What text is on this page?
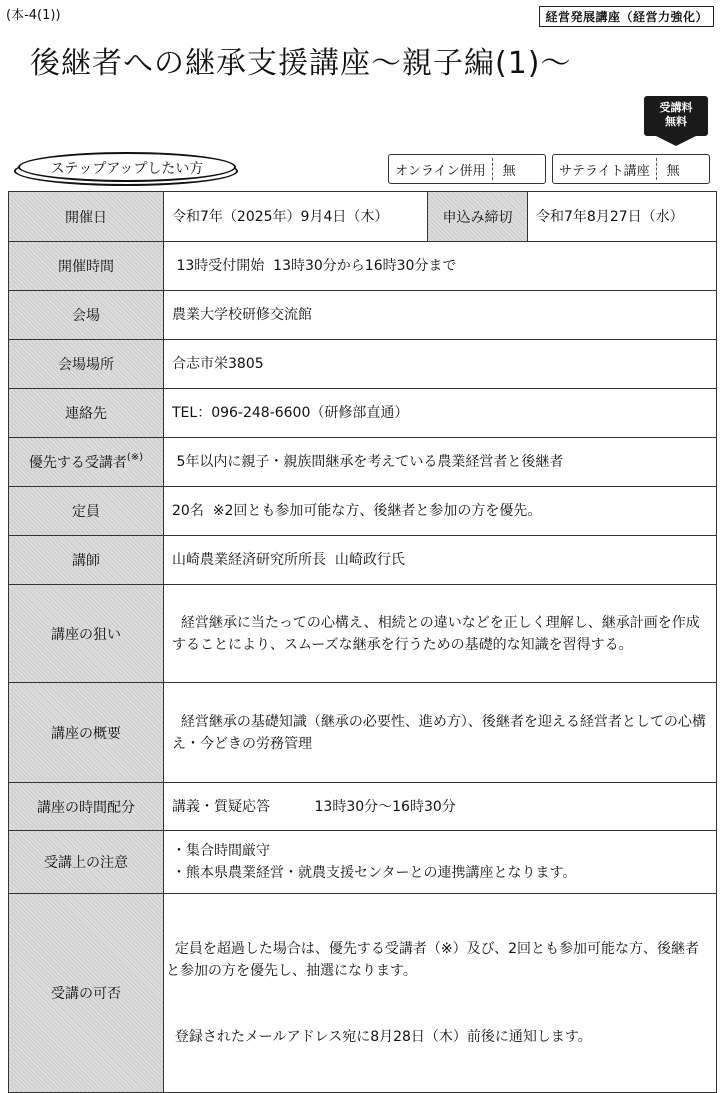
(本-4(1))	経営発展講座（経営力強化）
後継者への継承支援講座～親子編(1)～
受講料
無料
ステップアップしたい方	オンライン併用	無	サテライト講座	無
開催日	令和7年（2025年）9月4日（木）	申込み締切	令和7年8月27日（水）
開催時間	13時受付開始  13時30分から16時30分まで		
会場	農業大学校研修交流館		
会場場所	合志市栄3805		
連絡先	TEL：096-248-6600（研修部直通）		
優先する受講者(※)	5年以内に親子・親族間継承を考えている農業経営者と後継者		
定員	20名  ※2回とも参加可能な方、後継者と参加の方を優先。		
講師	山崎農業経済研究所所長  山崎政行氏		
講座の狙い	経営継承に当たっての心構え、相続との違いなどを正しく理解し、継承計画を作成することにより、スムーズな継承を行うための基礎的な知識を習得する。		
講座の概要	経営継承の基礎知識（継承の必要性、進め方）、後継者を迎える経営者としての心構え・今どきの労務管理		
講座の時間配分	講義・質疑応答          13時30分～16時30分		
受講上の注意	・集合時間厳守
・熊本県農業経営・就農支援センターとの連携講座となります。		

受講の可否	定員を超過した場合は、優先する受講者（※）及び、2回とも参加可能な方、後継者と参加の方を優先し、抽選になります。

登録されたメールアドレス宛に8月28日（木）前後に通知します。		
